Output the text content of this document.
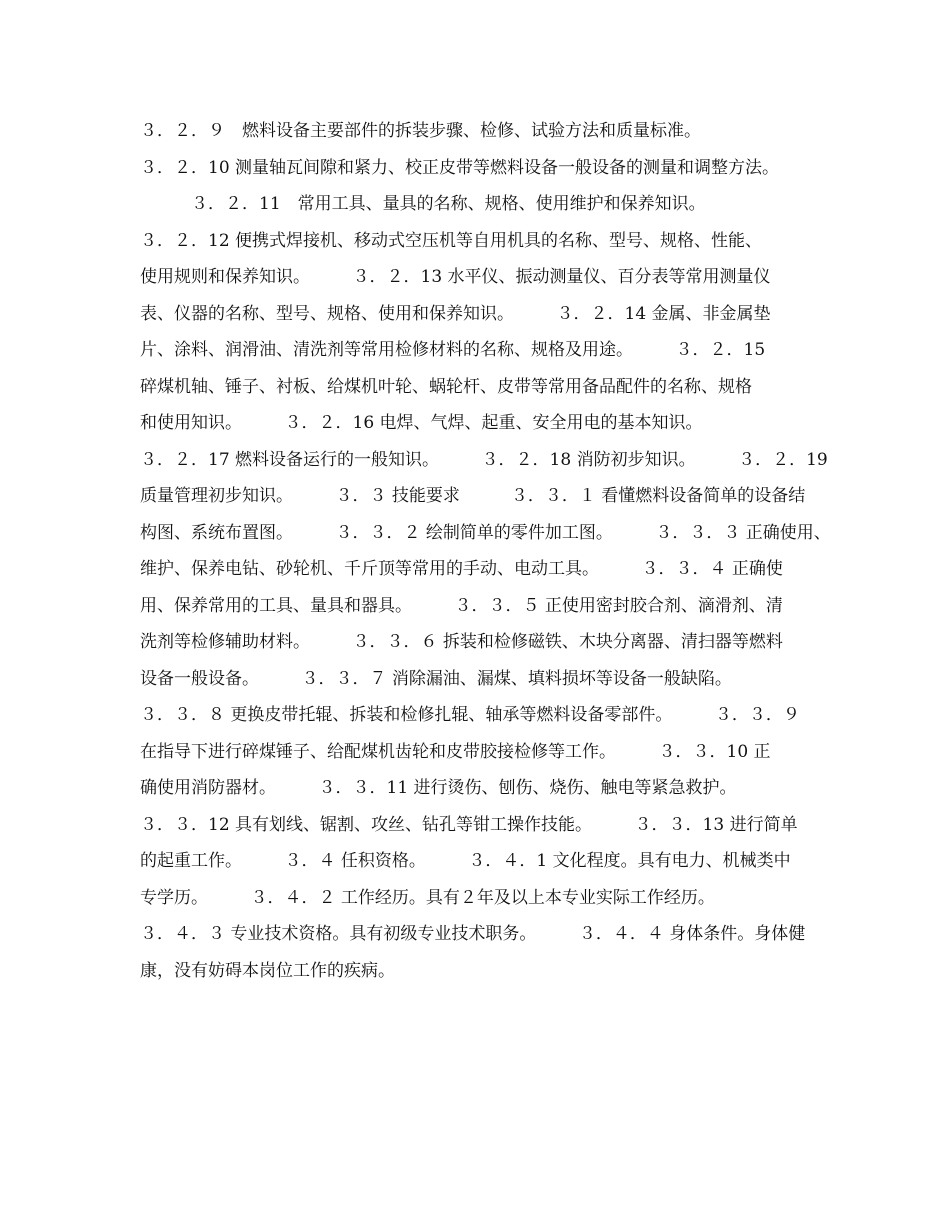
３．２．９　燃料设备主要部件的拆装步骤、检修、试验方法和质量标准。
３．２．10 测量轴瓦间隙和紧力、校正皮带等燃料设备一般设备的测量和调整方法。
　　　３．２．11　常用工具、量具的名称、规格、使用维护和保养知识。
３．２．12 便携式焊接机、移动式空压机等自用机具的名称、型号、规格、性能、
使用规则和保养知识。　　　３．２．13 水平仪、振动测量仪、百分表等常用测量仪
表、仪器的名称、型号、规格、使用和保养知识。　　　３．２．14 金属、非金属垫
片、涂料、润滑油、清洗剂等常用检修材料的名称、规格及用途。　　　３．２．15
碎煤机轴、锤子、衬板、给煤机叶轮、蜗轮杆、皮带等常用备品配件的名称、规格
和使用知识。　　　３．２．16 电焊、气焊、起重、安全用电的基本知识。
３．２．17 燃料设备运行的一般知识。　　　３．２．18 消防初步知识。　　　３．２．19
质量管理初步知识。　　　３．３ 技能要求　　　３．３．１ 看懂燃料设备简单的设备结
构图、系统布置图。　　　３．３．２ 绘制简单的零件加工图。　　　３．３．３ 正确使用、
维护、保养电钻、砂轮机、千斤顶等常用的手动、电动工具。　　　３．３．４ 正确使
用、保养常用的工具、量具和器具。　　　３．３．５ 正使用密封胶合剂、滴滑剂、清
洗剂等检修辅助材料。　　　３．３．６ 拆装和检修磁铁、木块分离器、清扫器等燃料
设备一般设备。　　　３．３．７ 消除漏油、漏煤、填料损坏等设备一般缺陷。
３．３．８ 更换皮带托辊、拆装和检修扎辊、轴承等燃料设备零部件。　　　３．３．９
在指导下进行碎煤锤子、给配煤机齿轮和皮带胶接检修等工作。　　　３．３．10 正
确使用消防器材。　　　３．３．11 进行烫伤、刨伤、烧伤、触电等紧急救护。
３．３．12 具有划线、锯割、攻丝、钻孔等钳工操作技能。　　　３．３．13 进行简单
的起重工作。　　　３．４ 任积资格。　　　３．４．1 文化程度。具有电力、机械类中
专学历。　　　３．４．２ 工作经历。具有２年及以上本专业实际工作经历。
３．４．３ 专业技术资格。具有初级专业技术职务。　　　３．４．４ 身体条件。身体健
康，没有妨碍本岗位工作的疾病。
